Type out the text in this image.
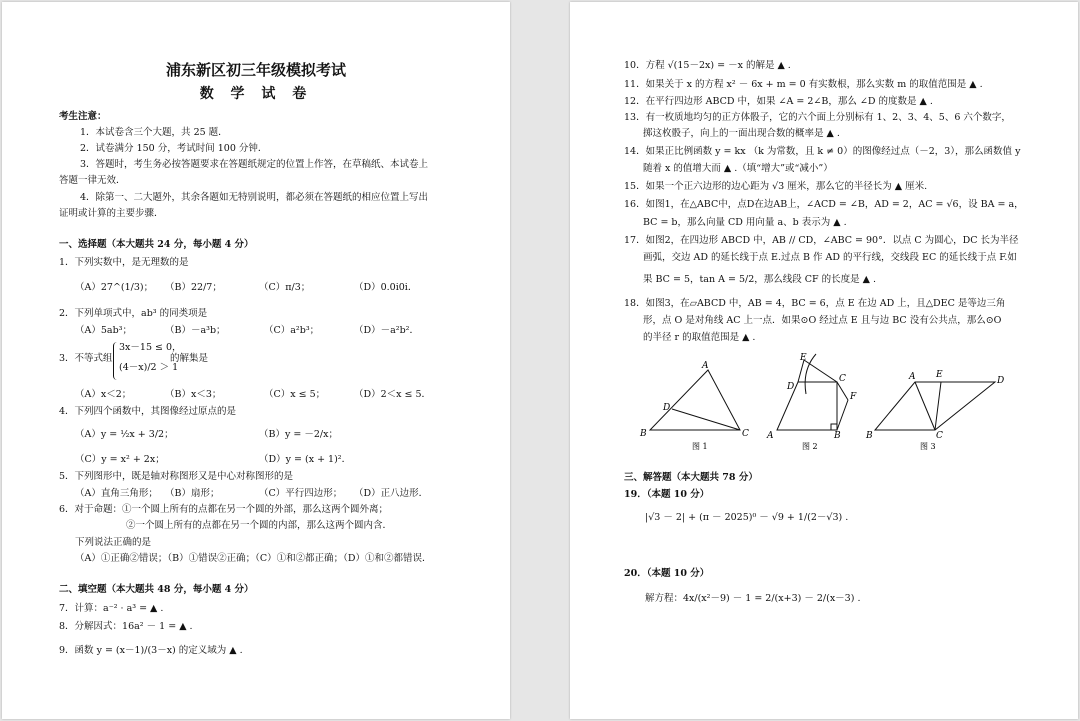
浦东新区初三年级模拟考试
数 学 试 卷
考生注意：
1．本试卷含三个大题，共 25 题．
2．试卷满分 150 分，考试时间 100 分钟．
3．答题时，考生务必按答题要求在答题纸规定的位置上作答，在草稿纸、本试卷上
答题一律无效．
4．除第一、二大题外，其余各题如无特别说明，都必须在答题纸的相应位置上写出
证明或计算的主要步骤．
一、选择题（本大题共 24 分，每小题 4 分）
1．下列实数中，是无理数的是
（A）27^(1/3)； （B）22/7；	（C）π/3；	（D）0.0i0i．
2．下列单项式中，ab³ 的同类项是
（A）5ab³；	（B）－a³b；	（C）a²b³；	（D）－a²b²．
3．不等式组
3x－15 ≤ 0，
(4－x)/2 ＞ 1
的解集是
（A）x＜2；	（B）x＜3；	（C）x ≤ 5；	（D）2＜x ≤ 5．
4．下列四个函数中，其图像经过原点的是
（A）y = ½x + 3/2；	（B）y = －2/x；
（C）y = x² + 2x；	（D）y = (x + 1)²．
5．下列图形中，既是轴对称图形又是中心对称图形的是
（A）直角三角形； （B）扇形；	（C）平行四边形； （D）正八边形．
6．对于命题：①一个圆上所有的点都在另一个圆的外部，那么这两个圆外离；
②一个圆上所有的点都在另一个圆的内部，那么这两个圆内含．
下列说法正确的是
（A）①正确②错误；（B）①错误②正确；（C）①和②都正确；（D）①和②都错误．
二、填空题（本大题共 48 分，每小题 4 分）
7．计算：a⁻² · a³ = ▲ .
8．分解因式：16a² － 1 = ▲ .
9．函数 y = (x－1)/(3－x) 的定义域为 ▲ .
10．方程 √(15－2x) = －x 的解是 ▲ .
11．如果关于 x 的方程 x² － 6x + m = 0 有实数根，那么实数 m 的取值范围是 ▲ .
12．在平行四边形 ABCD 中，如果 ∠A = 2∠B，那么 ∠D 的度数是 ▲ .
13．有一枚质地均匀的正方体骰子，它的六个面上分别标有 1、2、3、4、5、6 六个数字，
掷这枚骰子，向上的一面出现合数的概率是 ▲ .
14．如果正比例函数 y = kx （k 为常数，且 k ≠ 0）的图像经过点（－2，3），那么函数值 y
随着 x 的值增大而 ▲ .（填“增大”或“减小”）
15．如果一个正六边形的边心距为 √3 厘米，那么它的半径长为 ▲ 厘米.
16．如图1，在△ABC中，点D在边AB上，∠ACD = ∠B，AD = 2，AC = √6，设 BA = a，
BC = b，那么向量 CD 用向量 a、b 表示为 ▲ .
17．如图2，在四边形 ABCD 中，AB // CD，∠ABC = 90°．以点 C 为圆心，DC 长为半径
画弧，交边 AD 的延长线于点 E.过点 B 作 AD 的平行线，交线段 EC 的延长线于点 F.如
果 BC = 5，tan A = 5/2，那么线段 CF 的长度是 ▲ .
18．如图3，在▱ABCD 中，AB = 4，BC = 6，点 E 在边 AD 上，且△DEC 是等边三角
形，点 O 是对角线 AC 上一点．如果⊙O 经过点 E 且与边 BC 没有公共点，那么⊙O
的半径 r 的取值范围是 ▲ .
A
D
B	C
E
D
C
F
A	B
A E
D
B	C
图 1	图 2	图 3
三、解答题（本大题共 78 分）
19．（本题 10 分）
|√3 － 2| + (π － 2025)⁰ － √9 + 1/(2－√3) .
20．（本题 10 分）
解方程：4x/(x²－9) － 1 = 2/(x+3) － 2/(x－3) .
